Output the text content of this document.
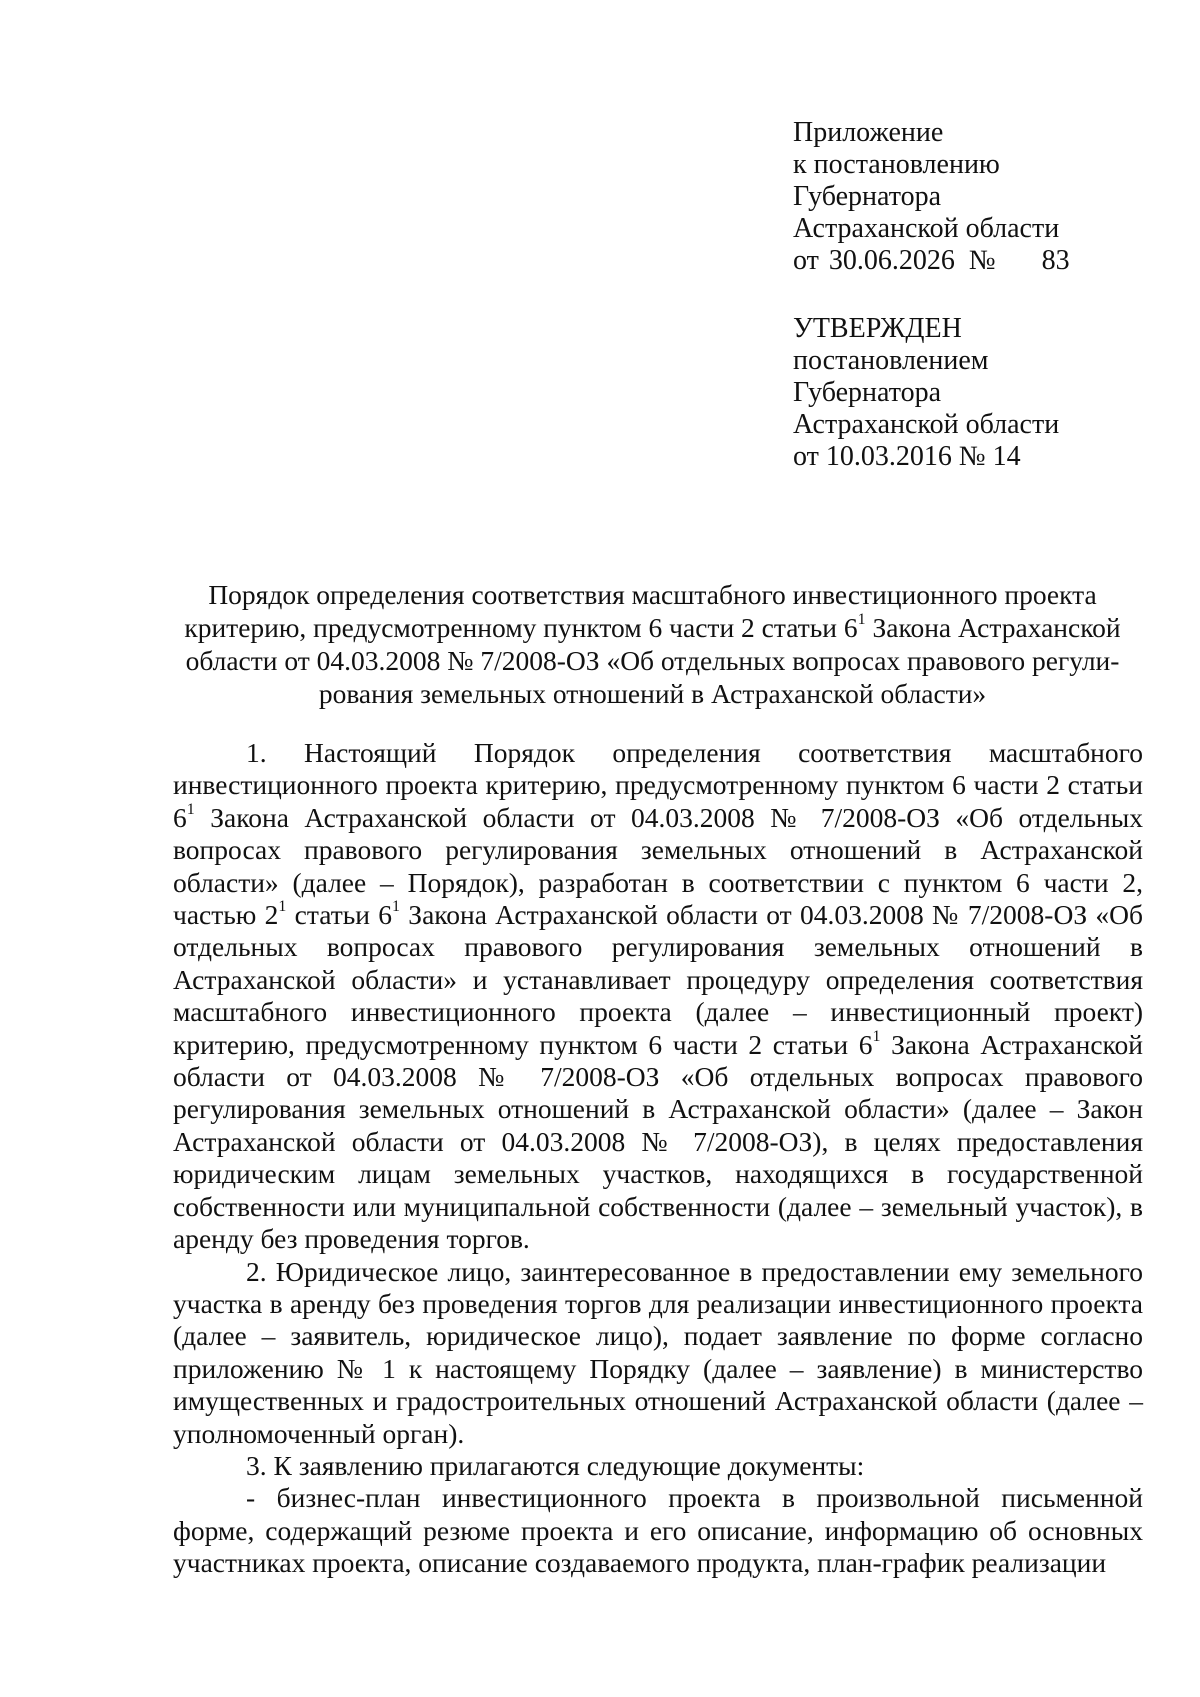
Приложение
к постановлению
Губернатора
Астраханской области
от 30.06.2026 № 83
УТВЕРЖДЕН
постановлением
Губернатора
Астраханской области
от 10.03.2016 № 14
Порядок определения соответствия масштабного инвестиционного проекта
критерию, предусмотренному пунктом 6 части 2 статьи $6^1$ Закона Астраханской
области от 04.03.2008 № 7/2008-ОЗ «Об отдельных вопросах правового регули-
рования земельных отношений в Астраханской области»

1. Настоящий Порядок определения соответствия масштабного инвестиционного проекта критерию, предусмотренному пунктом 6 части 2 статьи $6^1$ Закона Астраханской области от 04.03.2008 № 7/2008-ОЗ «Об отдельных вопросах правового регулирования земельных отношений в Астраханской области» (далее – Порядок), разработан в соответствии с пунктом 6 части 2, частью $2^1$ статьи $6^1$ Закона Астраханской области от 04.03.2008 № 7/2008-ОЗ «Об отдельных вопросах правового регулирования земельных отношений в Астраханской области» и устанавливает процедуру определения соответствия масштабного инвестиционного проекта (далее – инвестиционный проект) критерию, предусмотренному пунктом 6 части 2 статьи $6^1$ Закона Астраханской области от 04.03.2008 № 7/2008-ОЗ «Об отдельных вопросах правового регулирования земельных отношений в Астраханской области» (далее – Закон Астраханской области от 04.03.2008 № 7/2008-ОЗ), в целях предоставления юридическим лицам земельных участков, находящихся в государственной собственности или муниципальной собственности (далее – земельный участок), в аренду без проведения торгов.

2. Юридическое лицо, заинтересованное в предоставлении ему земельного участка в аренду без проведения торгов для реализации инвестиционного проекта (далее – заявитель, юридическое лицо), подает заявление по форме согласно приложению № 1 к настоящему Порядку (далее – заявление) в министерство имущественных и градостроительных отношений Астраханской области (далее – уполномоченный орган).

3. К заявлению прилагаются следующие документы:

- бизнес-план инвестиционного проекта в произвольной письменной форме, содержащий резюме проекта и его описание, информацию об основных участниках проекта, описание создаваемого продукта, план-график реализации
